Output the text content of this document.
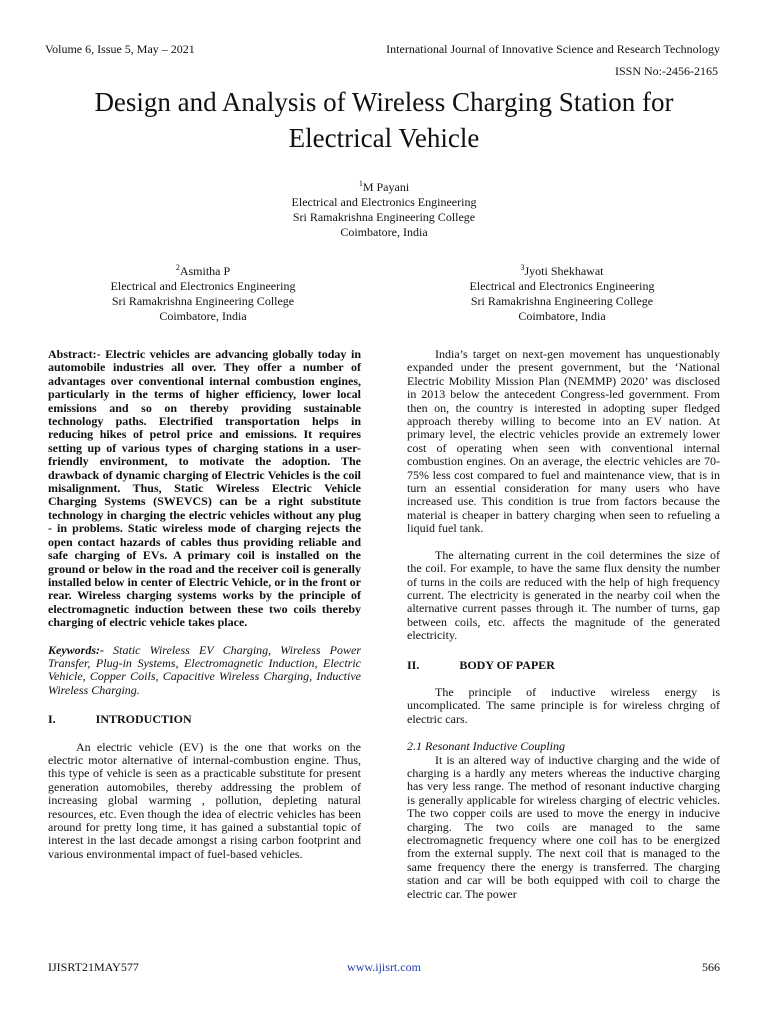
Volume 6, Issue 5, May – 2021	International Journal of Innovative Science and Research Technology
ISSN No:-2456-2165
Design and Analysis of Wireless Charging Station for
Electrical Vehicle
$^1$M Payani
Electrical and Electronics Engineering
Sri Ramakrishna Engineering College
Coimbatore, India
$^2$Asmitha P
Electrical and Electronics Engineering
Sri Ramakrishna Engineering College
Coimbatore, India
$^3$Jyoti Shekhawat
Electrical and Electronics Engineering
Sri Ramakrishna Engineering College
Coimbatore, India

Abstract:- Electric vehicles are advancing globally today in automobile industries all over. They offer a number of advantages over conventional internal combustion engines, particularly in the terms of higher efficiency, lower local emissions and so on thereby providing sustainable technology paths. Electrified transportation helps in reducing hikes of petrol price and emissions. It requires setting up of various types of charging stations in a user-friendly environment, to motivate the adoption. The drawback of dynamic charging of Electric Vehicles is the coil misalignment. Thus, Static Wireless Electric Vehicle Charging Systems (SWEVCS) can be a right substitute technology in charging the electric vehicles without any plug - in problems. Static wireless mode of charging rejects the open contact hazards of cables thus providing reliable and safe charging of EVs. A primary coil is installed on the ground or below in the road and the receiver coil is generally installed below in center of Electric Vehicle, or in the front or rear. Wireless charging systems works by the principle of electromagnetic induction between these two coils thereby charging of electric vehicle takes place.

Keywords:- Static Wireless EV Charging, Wireless Power Transfer, Plug-in Systems, Electromagnetic Induction, Electric Vehicle, Copper Coils, Capacitive Wireless Charging, Inductive Wireless Charging.

I.	INTRODUCTION

An electric vehicle (EV) is the one that works on the electric motor alternative of internal-combustion engine. Thus, this type of vehicle is seen as a practicable substitute for present generation automobiles, thereby addressing the problem of increasing global warming , pollution, depleting natural resources, etc. Even though the idea of electric vehicles has been around for pretty long time, it has gained a substantial topic of interest in the last decade amongst a rising carbon footprint and various environmental impact of fuel-based vehicles.

India’s target on next-gen movement has unquestionably expanded under the present government, but the ‘National Electric Mobility Mission Plan (NEMMP) 2020’ was disclosed in 2013 below the antecedent Congress-led government. From then on, the country is interested in adopting super fledged approach thereby willing to become into an EV nation. At primary level, the electric vehicles provide an extremely lower cost of operating when seen with conventional internal combustion engines. On an average, the electric vehicles are 70-75% less cost compared to fuel and maintenance view, that is in turn an essential consideration for many users who have increased use. This condition is true from factors because the material is cheaper in battery charging when seen to refueling a liquid fuel tank.

The alternating current in the coil determines the size of the coil. For example, to have the same flux density the number of turns in the coils are reduced with the help of high frequency current. The electricity is generated in the nearby coil when the alternative current passes through it. The number of turns, gap between coils, etc. affects the magnitude of the generated electricity.

II.	BODY OF PAPER

The principle of inductive wireless energy is uncomplicated. The same principle is for wireless chrging of electric cars.

2.1 Resonant Inductive Coupling

It is an altered way of inductive charging and the wide of charging is a hardly any meters whereas the inductive charging has very less range. The method of resonant inductive charging is generally applicable for wireless charging of electric vehicles. The two copper coils are used to move the energy in inducive charging. The two coils are managed to the same electromagnetic frequency where one coil has to be energized from the external supply. The next coil that is managed to the same frequency there the energy is transferred. The charging station and car will be both equipped with coil to charge the electric car. The power

IJISRT21MAY577	www.ijisrt.com	566
